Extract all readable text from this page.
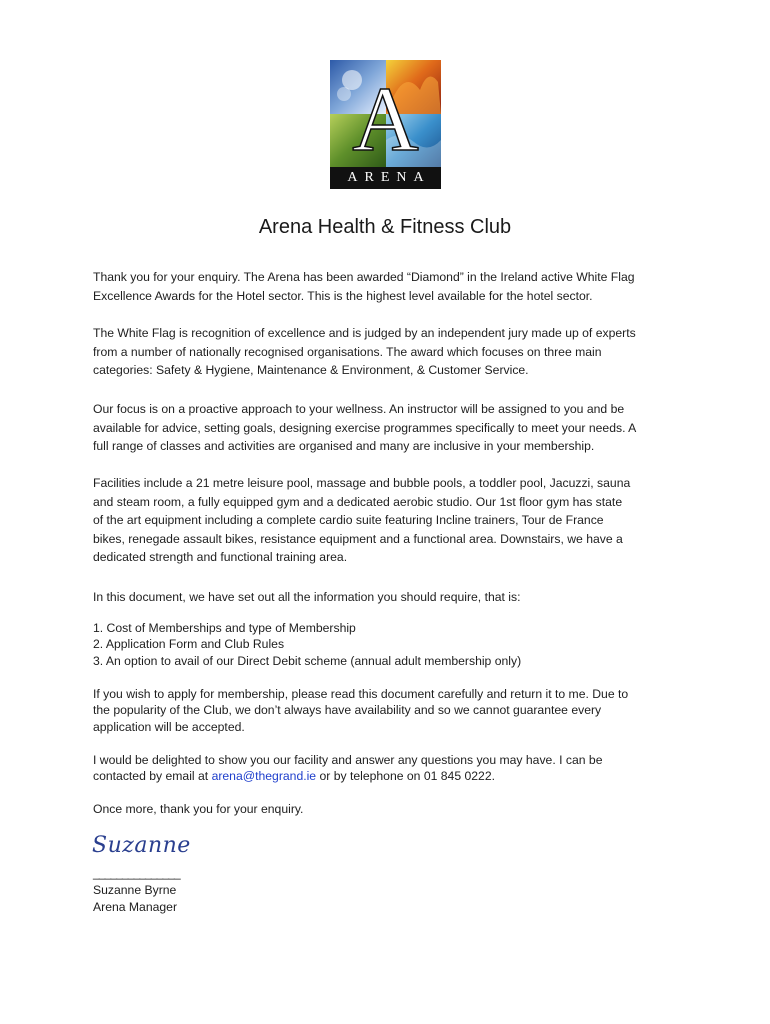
ARENA
A
Arena Health & Fitness Club
Thank you for your enquiry. The Arena has been awarded “Diamond” in the Ireland active White Flag
Excellence Awards for the Hotel sector. This is the highest level available for the hotel sector.
The White Flag is recognition of excellence and is judged by an independent jury made up of experts
from a number of nationally recognised organisations. The award which focuses on three main
categories: Safety & Hygiene, Maintenance & Environment, & Customer Service.
Our focus is on a proactive approach to your wellness. An instructor will be assigned to you and be
available for advice, setting goals, designing exercise programmes specifically to meet your needs. A
full range of classes and activities are organised and many are inclusive in your membership.
Facilities include a 21 metre leisure pool, massage and bubble pools, a toddler pool, Jacuzzi, sauna
and steam room, a fully equipped gym and a dedicated aerobic studio. Our 1st floor gym has state
of the art equipment including a complete cardio suite featuring Incline trainers, Tour de France
bikes, renegade assault bikes, resistance equipment and a functional area. Downstairs, we have a
dedicated strength and functional training area.
In this document, we have set out all the information you should require, that is:
1. Cost of Memberships and type of Membership
2. Application Form and Club Rules
3. An option to avail of our Direct Debit scheme (annual adult membership only)
If you wish to apply for membership, please read this document carefully and return it to me. Due to
the popularity of the Club, we don’t always have availability and so we cannot guarantee every
application will be accepted.
I would be delighted to show you our facility and answer any questions you may have. I can be
contacted by email at arena@thegrand.ie or by telephone on 01 845 0222.
Once more, thank you for your enquiry.
Suzanne
_______________
Suzanne Byrne
Arena Manager
